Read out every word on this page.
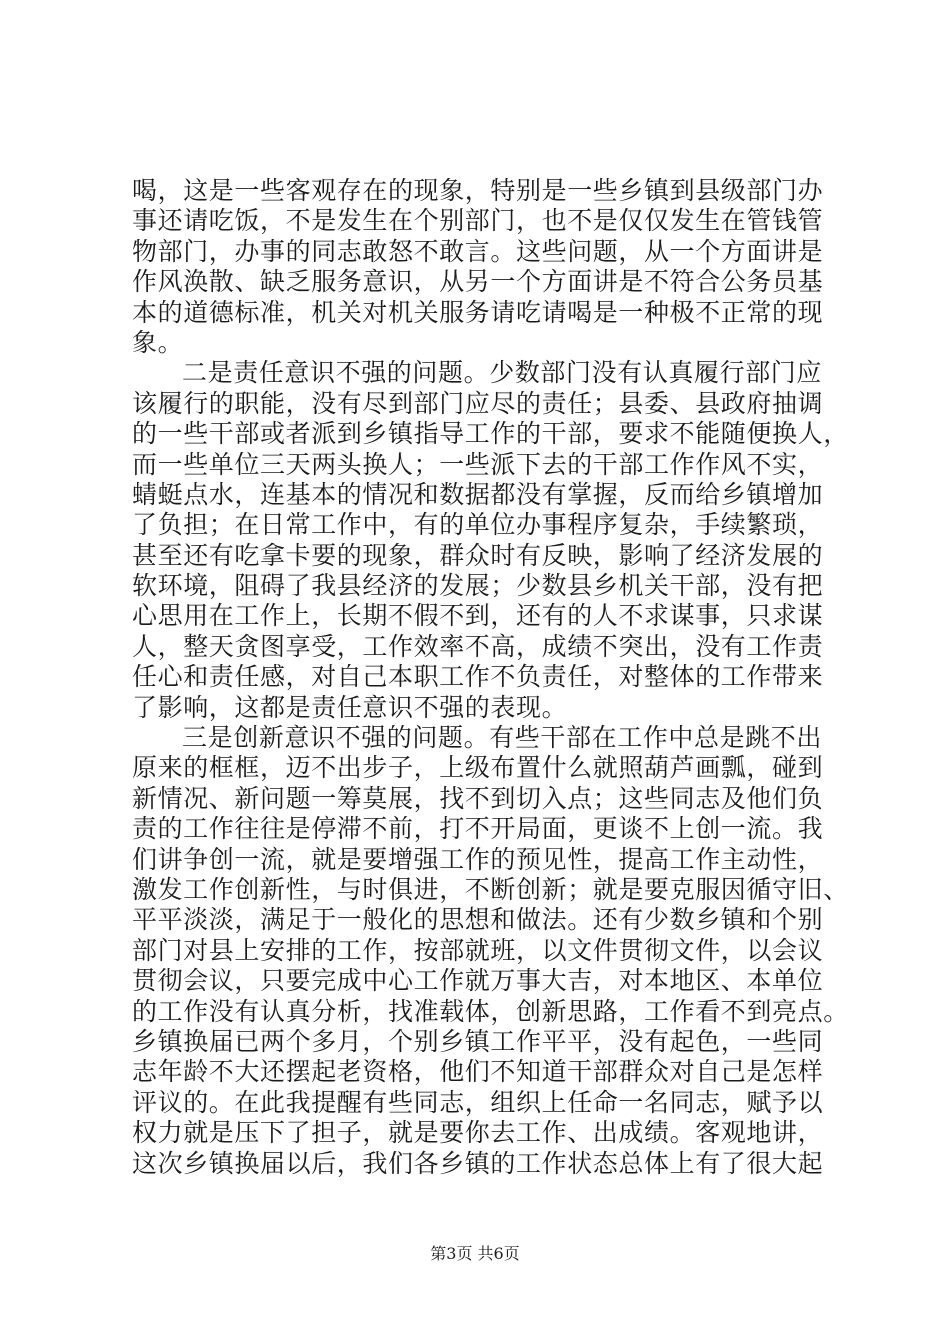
喝，这是一些客观存在的现象，特别是一些乡镇到县级部门办
事还请吃饭，不是发生在个别部门，也不是仅仅发生在管钱管
物部门，办事的同志敢怒不敢言。这些问题，从一个方面讲是
作风涣散、缺乏服务意识，从另一个方面讲是不符合公务员基
本的道德标准，机关对机关服务请吃请喝是一种极不正常的现
象。
二是责任意识不强的问题。少数部门没有认真履行部门应
该履行的职能，没有尽到部门应尽的责任；县委、县政府抽调
的一些干部或者派到乡镇指导工作的干部，要求不能随便换人，
而一些单位三天两头换人；一些派下去的干部工作作风不实，
蜻蜓点水，连基本的情况和数据都没有掌握，反而给乡镇增加
了负担；在日常工作中，有的单位办事程序复杂，手续繁琐，
甚至还有吃拿卡要的现象，群众时有反映，影响了经济发展的
软环境，阻碍了我县经济的发展；少数县乡机关干部，没有把
心思用在工作上，长期不假不到，还有的人不求谋事，只求谋
人，整天贪图享受，工作效率不高，成绩不突出，没有工作责
任心和责任感，对自己本职工作不负责任，对整体的工作带来
了影响，这都是责任意识不强的表现。
三是创新意识不强的问题。有些干部在工作中总是跳不出
原来的框框，迈不出步子，上级布置什么就照葫芦画瓢，碰到
新情况、新问题一筹莫展，找不到切入点；这些同志及他们负
责的工作往往是停滞不前，打不开局面，更谈不上创一流。我
们讲争创一流，就是要增强工作的预见性，提高工作主动性，
激发工作创新性，与时俱进，不断创新；就是要克服因循守旧、
平平淡淡，满足于一般化的思想和做法。还有少数乡镇和个别
部门对县上安排的工作，按部就班，以文件贯彻文件，以会议
贯彻会议，只要完成中心工作就万事大吉，对本地区、本单位
的工作没有认真分析，找准载体，创新思路，工作看不到亮点。
乡镇换届已两个多月，个别乡镇工作平平，没有起色，一些同
志年龄不大还摆起老资格，他们不知道干部群众对自己是怎样
评议的。在此我提醒有些同志，组织上任命一名同志，赋予以
权力就是压下了担子，就是要你去工作、出成绩。客观地讲，
这次乡镇换届以后，我们各乡镇的工作状态总体上有了很大起
第3页 共6页
